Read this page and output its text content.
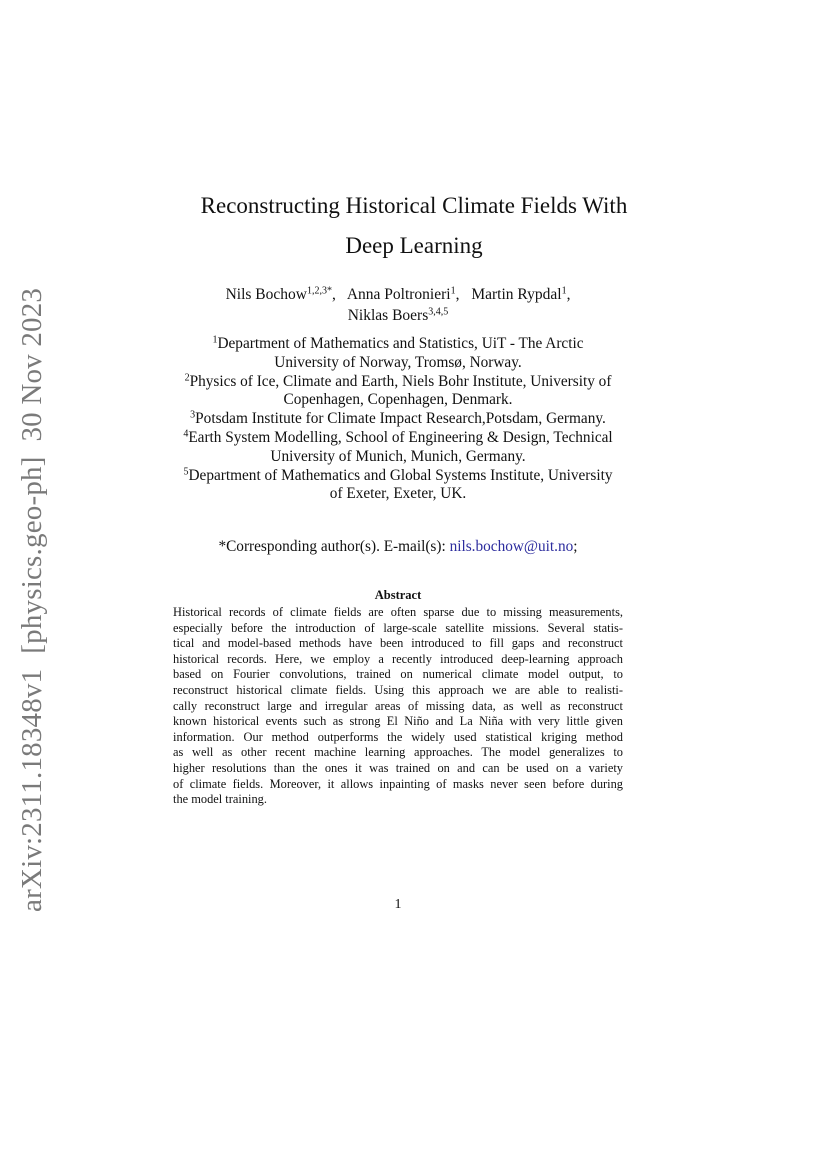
arXiv:2311.18348v1  [physics.geo-ph]  30 Nov 2023
Reconstructing Historical Climate Fields With
Deep Learning
Nils Bochow$^{1,2,3*}$, Anna Poltronieri$^1$, Martin Rypdal$^1$,
Niklas Boers$^{3,4,5}$
$^1$Department of Mathematics and Statistics, UiT - The Arctic
University of Norway, Tromsø, Norway.
$^2$Physics of Ice, Climate and Earth, Niels Bohr Institute, University of
Copenhagen, Copenhagen, Denmark.
$^3$Potsdam Institute for Climate Impact Research,Potsdam, Germany.
$^4$Earth System Modelling, School of Engineering & Design, Technical
University of Munich, Munich, Germany.
$^5$Department of Mathematics and Global Systems Institute, University
of Exeter, Exeter, UK.
*Corresponding author(s). E-mail(s): nils.bochow@uit.no;
Abstract
Historical records of climate fields are often sparse due to missing measurements,
especially before the introduction of large-scale satellite missions. Several statis-
tical and model-based methods have been introduced to fill gaps and reconstruct
historical records. Here, we employ a recently introduced deep-learning approach
based on Fourier convolutions, trained on numerical climate model output, to
reconstruct historical climate fields. Using this approach we are able to realisti-
cally reconstruct large and irregular areas of missing data, as well as reconstruct
known historical events such as strong El Niño and La Niña with very little given
information. Our method outperforms the widely used statistical kriging method
as well as other recent machine learning approaches. The model generalizes to
higher resolutions than the ones it was trained on and can be used on a variety
of climate fields. Moreover, it allows inpainting of masks never seen before during
the model training.
1
